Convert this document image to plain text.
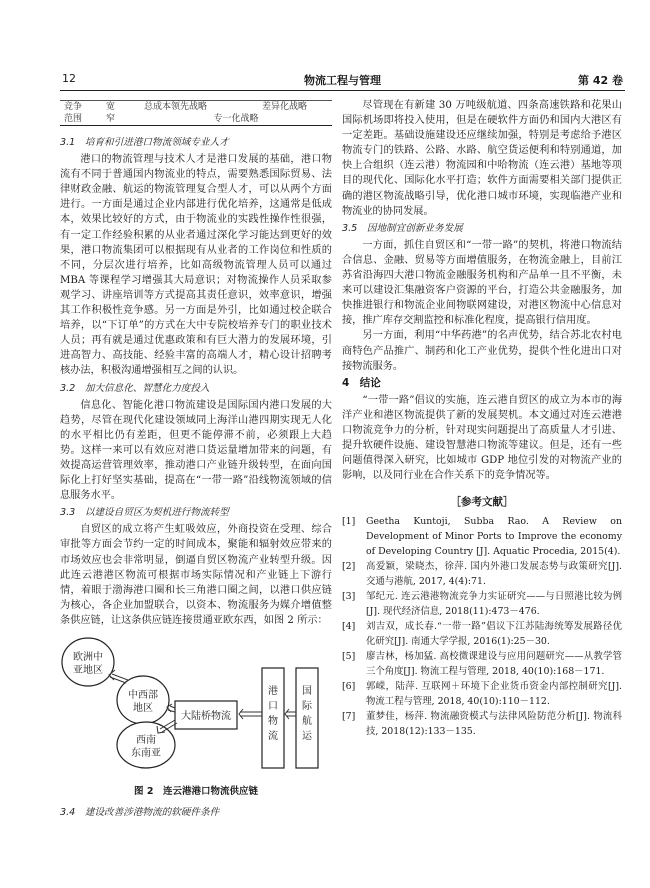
12	物流工程与管理	第 42 卷
竞争	宽	总成本领先战略	差异化战略
范围	窄	专一化战略	
3.1　培育和引进港口物流领域专业人才

港口的物流管理与技术人才是港口发展的基础，港口物流有不同于普通国内物流业的特点，需要熟悉国际贸易、法律财政金融、航运的物流管理复合型人才，可以从两个方面进行。一方面是通过企业内部进行优化培养，这通常是低成本，效果比较好的方式，由于物流业的实践性操作性很强，有一定工作经验积累的从业者通过深化学习能达到更好的效果，港口物流集团可以根据现有从业者的工作岗位和性质的不同，分层次进行培养，比如高级物流管理人员可以通过 MBA 等课程学习增强其大局意识；对物流操作人员采取参观学习、讲座培训等方式提高其责任意识，效率意识，增强其工作积极性竞争感。另一方面是外引，比如通过校企联合培养，以“下订单”的方式在大中专院校培养专门的职业技术人员；再有就是通过优惠政策和有巨大潜力的发展环境，引进高智力、高技能、经验丰富的高端人才，精心设计招聘考核办法，积极沟通增强相互之间的认识。

3.2　加大信息化、智慧化力度投入

信息化、智能化港口物流建设是国际国内港口发展的大趋势，尽管在现代化建设领域同上海洋山港四期实现无人化的水平相比仍有差距，但更不能停滞不前，必须跟上大趋势。这样一来可以有效应对港口货运量增加带来的问题，有效提高运营管理效率，推动港口产业链升级转型，在面向国际化上打好坚实基础，提高在“一带一路”沿线物流领域的信息服务水平。

3.3　以建设自贸区为契机进行物流转型

自贸区的成立将产生虹吸效应，外商投资在受理、综合审批等方面会节约一定的时间成本，聚能和辐射效应带来的市场效应也会非常明显，倒逼自贸区物流产业转型升级。因此连云港港区物流可根据市场实际情况和产业链上下游行情，着眼于渤海港口圈和长三角港口圈之间，以港口供应链为核心，各企业加盟联合，以资本、物流服务为媒介增值整条供应链，让这条供应链连接贯通亚欧东西，如图 2 所示：

欧洲中
亚地区
中西部
地区
西南
东南亚
大陆桥物流
港
口
物
流
国
际
航
运
图 2　连云港港口物流供应链
3.4　建设改善涉港物流的软硬件条件

尽管现在有新建 30 万吨级航道、四条高速铁路和花果山国际机场即将投入使用，但是在硬软件方面仍和国内大港区有一定差距。基础设施建设还应继续加强，特别是考虑给予港区物流专门的铁路、公路、水路、航空货运便利和特别通道，加快上合组织（连云港）物流园和中哈物流（连云港）基地等项目的现代化、国际化水平打造；软件方面需要相关部门提供正确的港区物流战略引导，优化港口城市环境，实现临港产业和物流业的协同发展。

3.5　因地制宜创新业务发展

一方面，抓住自贸区和“一带一路”的契机，将港口物流结合信息、金融、贸易等方面增值服务，在物流金融上，目前江苏省沿海四大港口物流金融服务机构和产品单一且不平衡，未来可以建设汇集融资客户资源的平台，打造公共金融服务，加快推进银行和物流企业间物联网建设，对港区物流中心信息对接，推广库存交割监控和标准化程度，提高银行信用度。

另一方面，利用“中华药港”的名声优势，结合苏北农村电商特色产品推广、制药和化工产业优势，提供个性化进出口对接物流服务。

4　结论

“一带一路”倡议的实施，连云港自贸区的成立为本市的海洋产业和港区物流提供了新的发展契机。本文通过对连云港港口物流竞争力的分析，针对现实问题提出了高质量人才引进、提升软硬件设施、建设智慧港口物流等建议。但是，还有一些问题值得深入研究，比如城市 GDP 地位引发的对物流产业的影响，以及同行业在合作关系下的竞争情况等。

［参考文献］
[1]	Geetha Kuntoji, Subba Rao. A Review on Development of Minor Ports to Improve the economy of Developing Country [J]. Aquatic Procedia, 2015(4).
[2]	高爱颖，梁晓杰，徐萍. 国内外港口发展态势与政策研究[J]. 交通与港航, 2017, 4(4):71.
[3]	邹纪元. 连云港港物流竞争力实证研究——与日照港比较为例[J]. 现代经济信息, 2018(11):473－476.
[4]	刘吉双，成长春.“一带一路”倡议下江苏陆海统筹发展路径优化研究[J]. 南通大学学报, 2016(1):25－30.
[5]	廖吉林，杨加猛. 高校微课建设与应用问题研究——从教学管三个角度[J]. 物流工程与管理, 2018, 40(10):168－171.
[6]	郭嵘，陆萍. 互联网＋环境下企业货币资金内部控制研究[J]. 物流工程与管理, 2018, 40(10):110－112.
[7]	董梦佳，杨萍. 物流融资模式与法律风险防范分析[J]. 物流科技, 2018(12):133－135.
